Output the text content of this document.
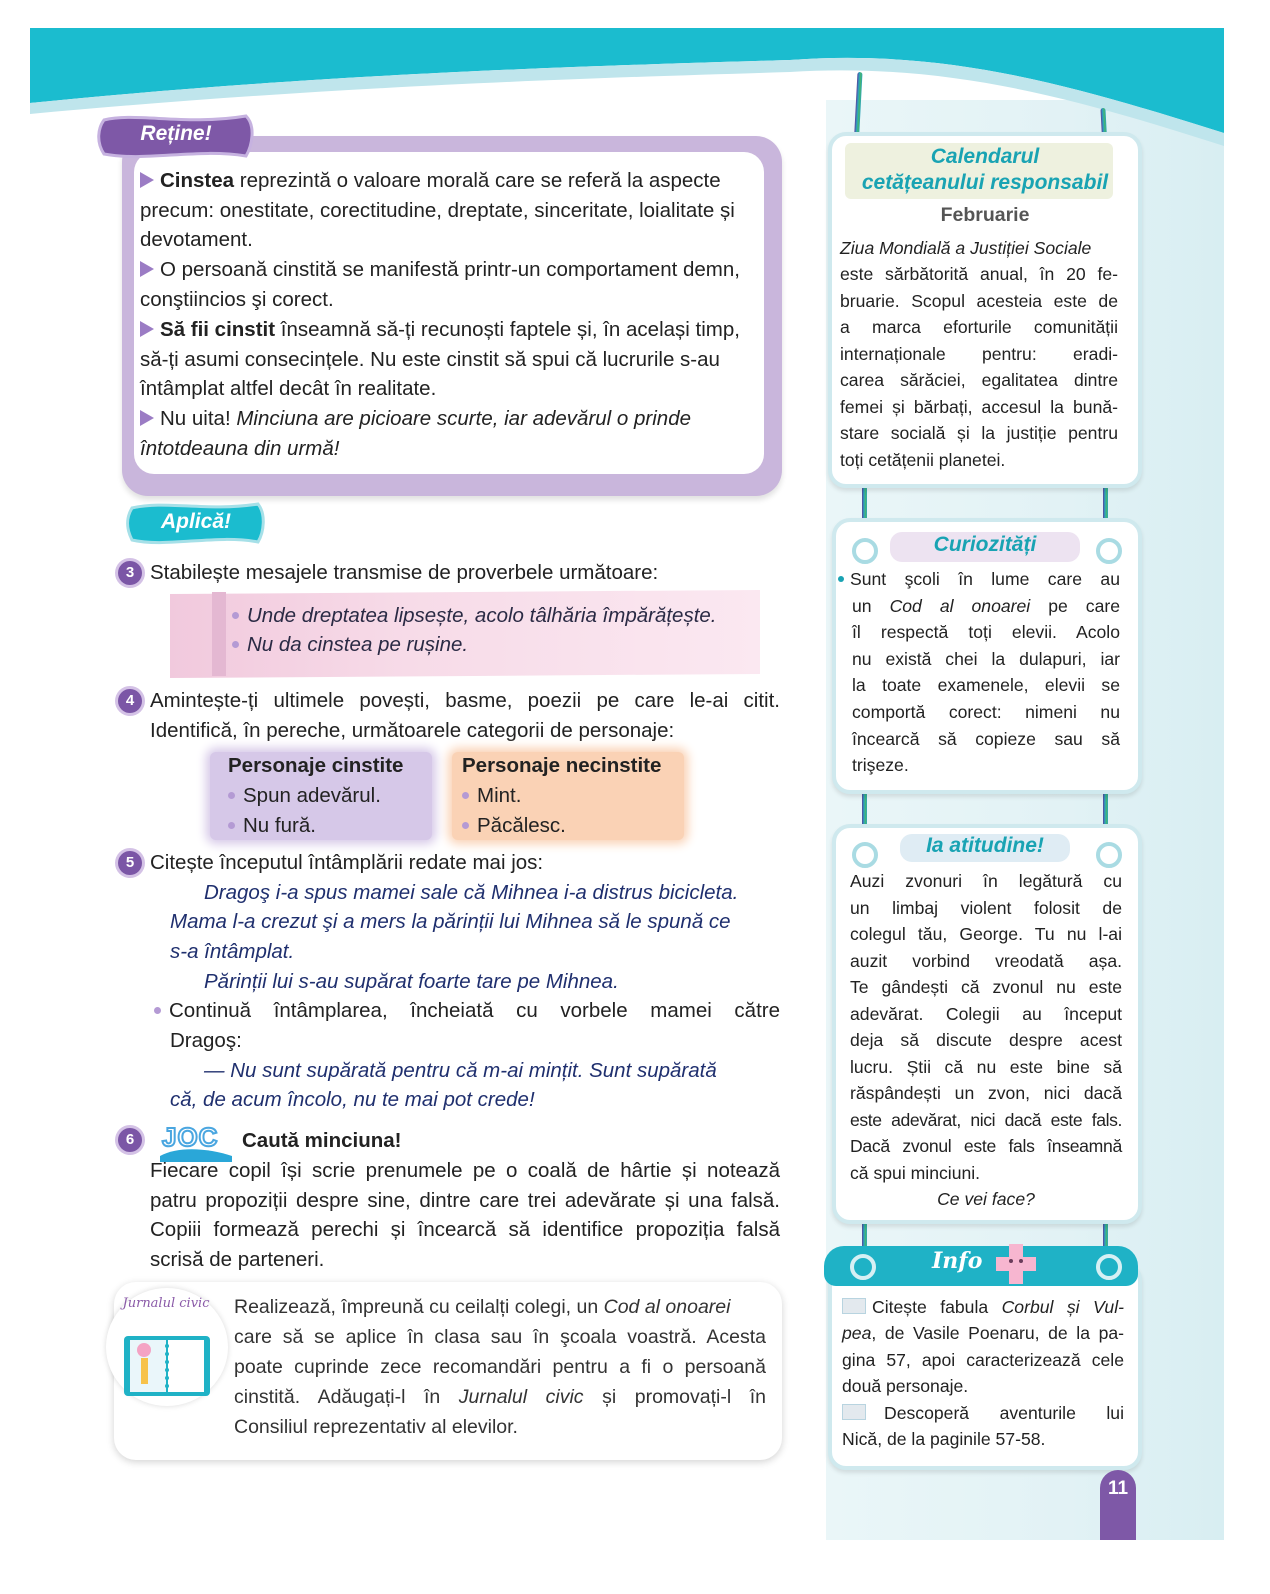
Reține!
Cinstea reprezintă o valoare morală care se referă la aspecte precum: onestitate, corectitudine, dreptate, sinceritate, loialitate și devotament.
O persoană cinstită se manifestă printr-un comportament demn, conştiincios şi corect.
Să fii cinstit înseamnă să-ți recunoști faptele și, în același timp, să-ți asumi consecințele. Nu este cinstit să spui că lucrurile s-au întâmplat altfel decât în realitate.
Nu uita! Minciuna are picioare scurte, iar adevărul o prinde întotdeauna din urmă!
Aplică!
3 Stabilește mesajele transmise de proverbele următoare:
Unde dreptatea lipsește, acolo tâlhăria împărățește.
Nu da cinstea pe rușine.
4 Amintește-ți ultimele povești, basme, poezii pe care le-ai citit.
Identifică, în pereche, următoarele categorii de personaje:
Personaje cinstite
Spun adevărul.
Nu fură.
Personaje necinstite
Mint.
Păcălesc.
5 Citește începutul întâmplării redate mai jos:
Dragoş i-a spus mamei sale că Mihnea i-a distrus bicicleta.
Mama l-a crezut şi a mers la părinții lui Mihnea să le spună ce
s-a întâmplat.
Părinții lui s-au supărat foarte tare pe Mihnea.
Continuă întâmplarea, încheiată cu vorbele mamei către
Dragoş:
— Nu sunt supărată pentru că m-ai mințit. Sunt supărată
că, de acum încolo, nu te mai pot crede!
6	JOC Caută minciuna!
Fiecare copil își scrie prenumele pe o coală de hârtie și notează
patru propoziții despre sine, dintre care trei adevărate și una falsă.
Copiii formează perechi și încearcă să identifice propoziția falsă
scrisă de parteneri.
Jurnalul civic	Realizează, împreună cu ceilalți colegi, un Cod al onoarei
care să se aplice în clasa sau în şcoala voastră. Acesta
poate cuprinde zece recomandări pentru a fi o persoană
cinstită. Adăugați-l în Jurnalul civic și promovați-l în
Consiliul reprezentativ al elevilor.
Calendarul
cetățeanului responsabil
Februarie
Ziua Mondială a Justiției Sociale
este sărbătorită anual, în 20 fe-
bruarie. Scopul acesteia este de
a marca eforturile comunității
internaționale pentru: eradi-
carea sărăciei, egalitatea dintre
femei și bărbați, accesul la bună-
stare socială și la justiție pentru
toți cetățenii planetei.
Curiozități
Sunt şcoli în lume care au
un Cod al onoarei pe care
îl respectă toți elevii. Acolo
nu există chei la dulapuri, iar
la toate examenele, elevii se
comportă corect: nimeni nu
încearcă să copieze sau să
trişeze.
Ia atitudine!
Auzi zvonuri în legătură cu
un limbaj violent folosit de
colegul tău, George. Tu nu l-ai
auzit vorbind vreodată așa.
Te gândești că zvonul nu este
adevărat. Colegii au început
deja să discute despre acest
lucru. Știi că nu este bine să
răspândești un zvon, nici dacă
este adevărat, nici dacă este fals.
Dacă zvonul este fals înseamnă
că spui minciuni.
Ce vei face?
Info
Citește fabula Corbul și Vul-
pea, de Vasile Poenaru, de la pa-
gina 57, apoi caracterizează cele
două personaje.
Descoperă aventurile lui
Nică, de la paginile 57-58.
11
